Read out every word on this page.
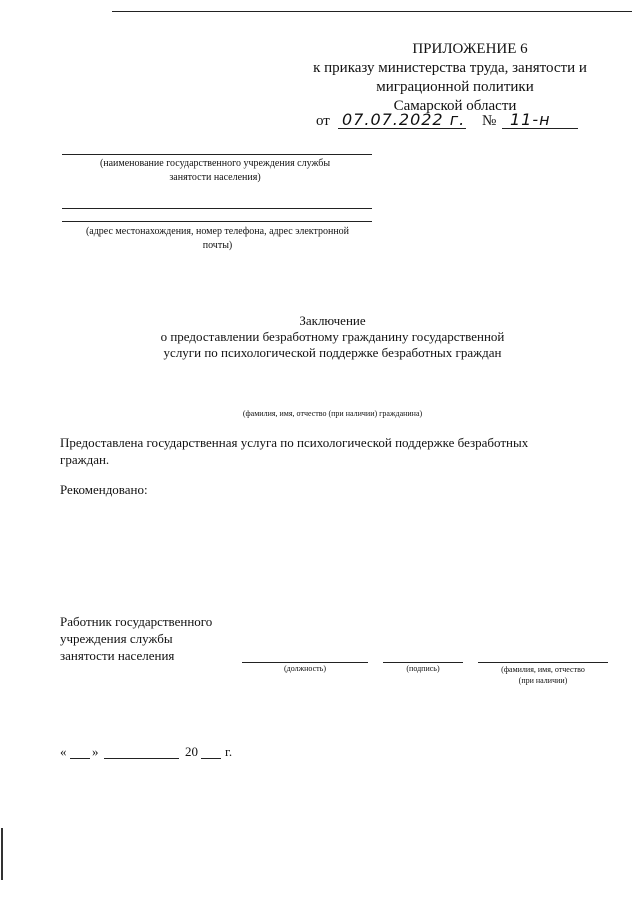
ПРИЛОЖЕНИЕ 6
к приказу министерства труда, занятости и
миграционной политики
Самарской области
от 07.07.2022 г. № 11-н
(наименование государственного учреждения службы
занятости населения)
(адрес местонахождения, номер телефона, адрес электронной
почты)
Заключение
о предоставлении безработному гражданину государственной
услуги по психологической поддержке безработных граждан
(фамилия, имя, отчество (при наличии) гражданина)
Предоставлена государственная услуга по психологической поддержке безработных
граждан.
Рекомендовано:
Работник государственного
учреждения службы
занятости населения
(должность)	(подпись)	(фамилия, имя, отчество
(при наличии)
« »	20 г.
